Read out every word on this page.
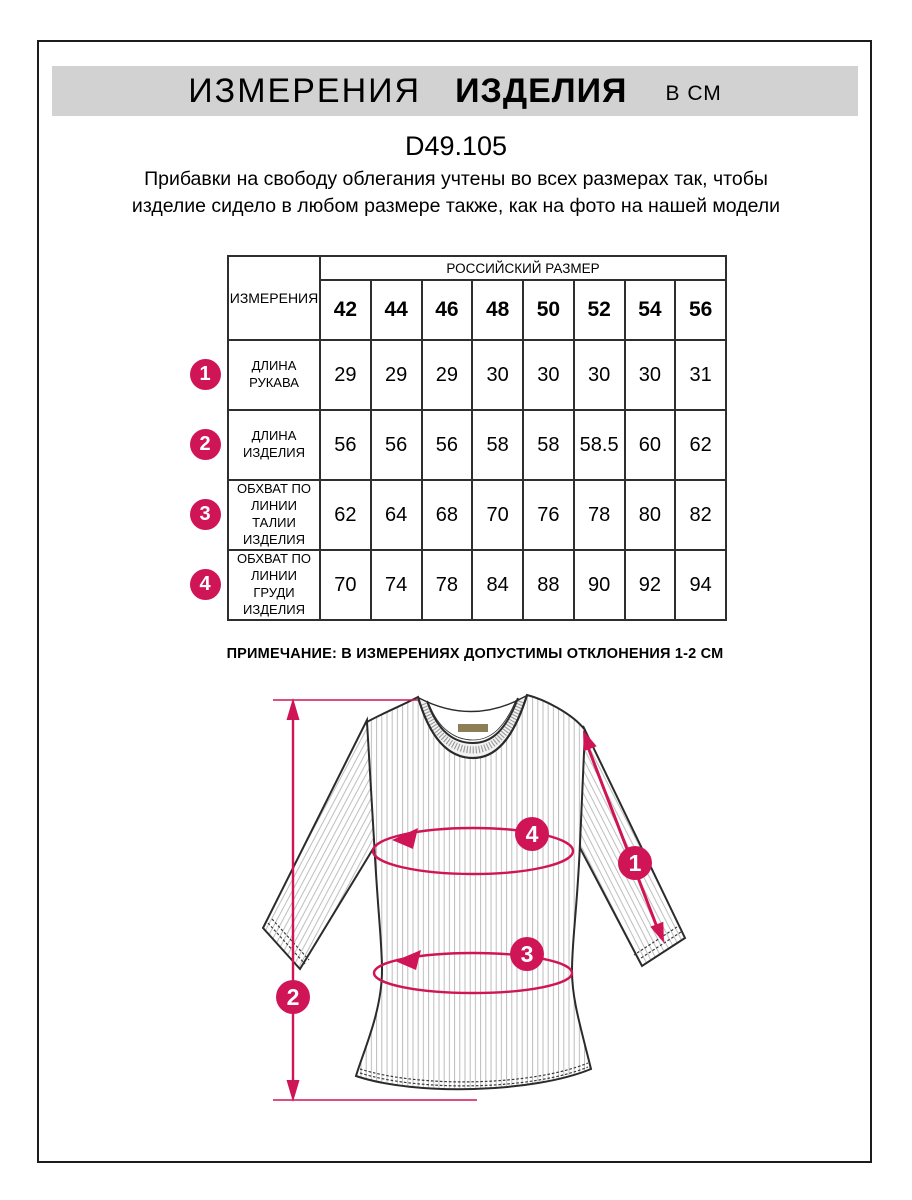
ИЗМЕРЕНИЯ ИЗДЕЛИЯ В СМ
D49.105
Прибавки на свободу облегания учтены во всех размерах так, чтобы изделие сидело в любом размере также, как на фото на нашей модели
ИЗМЕРЕНИЯ	РОССИЙСКИЙ РАЗМЕР							
	42	44	46	48	50	52	54	56
ДЛИНА РУКАВА	29	29	29	30	30	30	30	31
ДЛИНА ИЗДЕЛИЯ	56	56	56	58	58	58.5	60	62
ОБХВАТ ПО ЛИНИИ ТАЛИИ ИЗДЕЛИЯ	62	64	68	70	76	78	80	82
ОБХВАТ ПО ЛИНИИ ГРУДИ ИЗДЕЛИЯ	70	74	78	84	88	90	92	94
ПРИМЕЧАНИЕ: В ИЗМЕРЕНИЯХ ДОПУСТИМЫ ОТКЛОНЕНИЯ 1-2 СМ
1
2
3
4
1
2
3
4
